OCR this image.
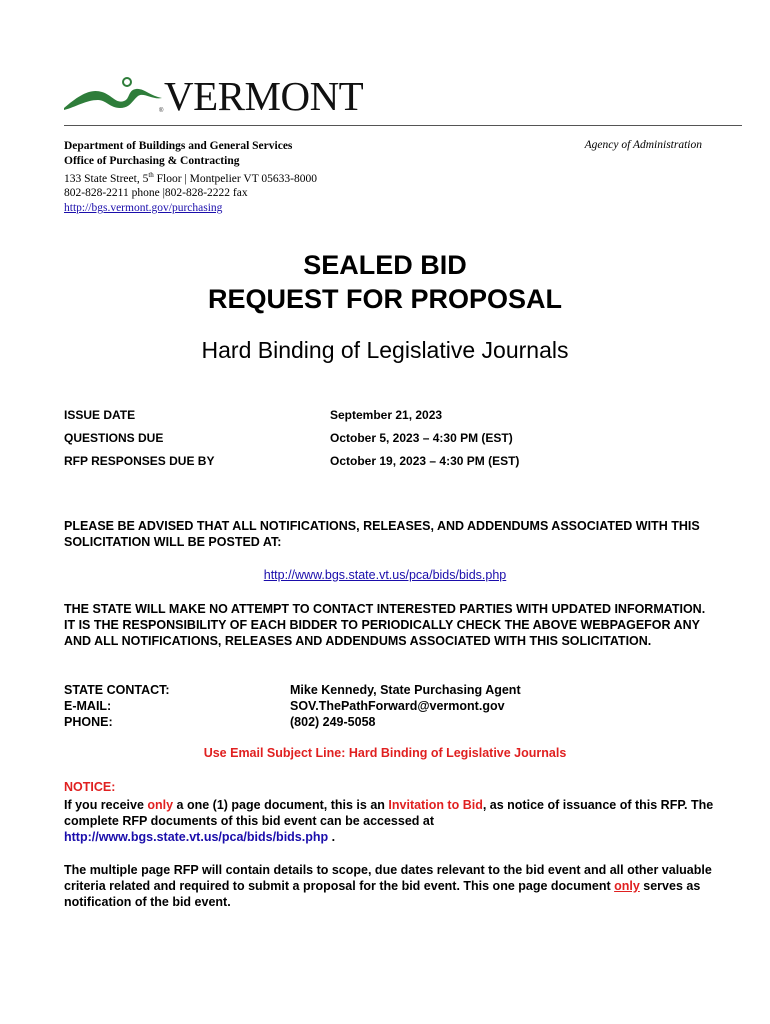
® VERMONT
Department of Buildings and General Services
Office of Purchasing & Contracting
133 State Street, 5th Floor | Montpelier VT 05633-8000
802-828-2211 phone |802-828-2222 fax
http://bgs.vermont.gov/purchasing
Agency of Administration
SEALED BID
REQUEST FOR PROPOSAL
Hard Binding of Legislative Journals
ISSUE DATE	September 21, 2023
QUESTIONS DUE	October 5, 2023 – 4:30 PM (EST)
RFP RESPONSES DUE BY	October 19, 2023 – 4:30 PM (EST)
PLEASE BE ADVISED THAT ALL NOTIFICATIONS, RELEASES, AND ADDENDUMS ASSOCIATED WITH THIS SOLICITATION WILL BE POSTED AT:
http://www.bgs.state.vt.us/pca/bids/bids.php
THE STATE WILL MAKE NO ATTEMPT TO CONTACT INTERESTED PARTIES WITH UPDATED INFORMATION. IT IS THE RESPONSIBILITY OF EACH BIDDER TO PERIODICALLY CHECK THE ABOVE WEBPAGEFOR ANY AND ALL NOTIFICATIONS, RELEASES AND ADDENDUMS ASSOCIATED WITH THIS SOLICITATION.
STATE CONTACT:	Mike Kennedy, State Purchasing Agent
E-MAIL:	SOV.ThePathForward@vermont.gov
PHONE:	(802) 249-5058
Use Email Subject Line: Hard Binding of Legislative Journals
NOTICE:
If you receive only a one (1) page document, this is an Invitation to Bid, as notice of issuance of this RFP. The complete RFP documents of this bid event can be accessed at
http://www.bgs.state.vt.us/pca/bids/bids.php .
The multiple page RFP will contain details to scope, due dates relevant to the bid event and all other valuable criteria related and required to submit a proposal for the bid event. This one page document only serves as notification of the bid event.
